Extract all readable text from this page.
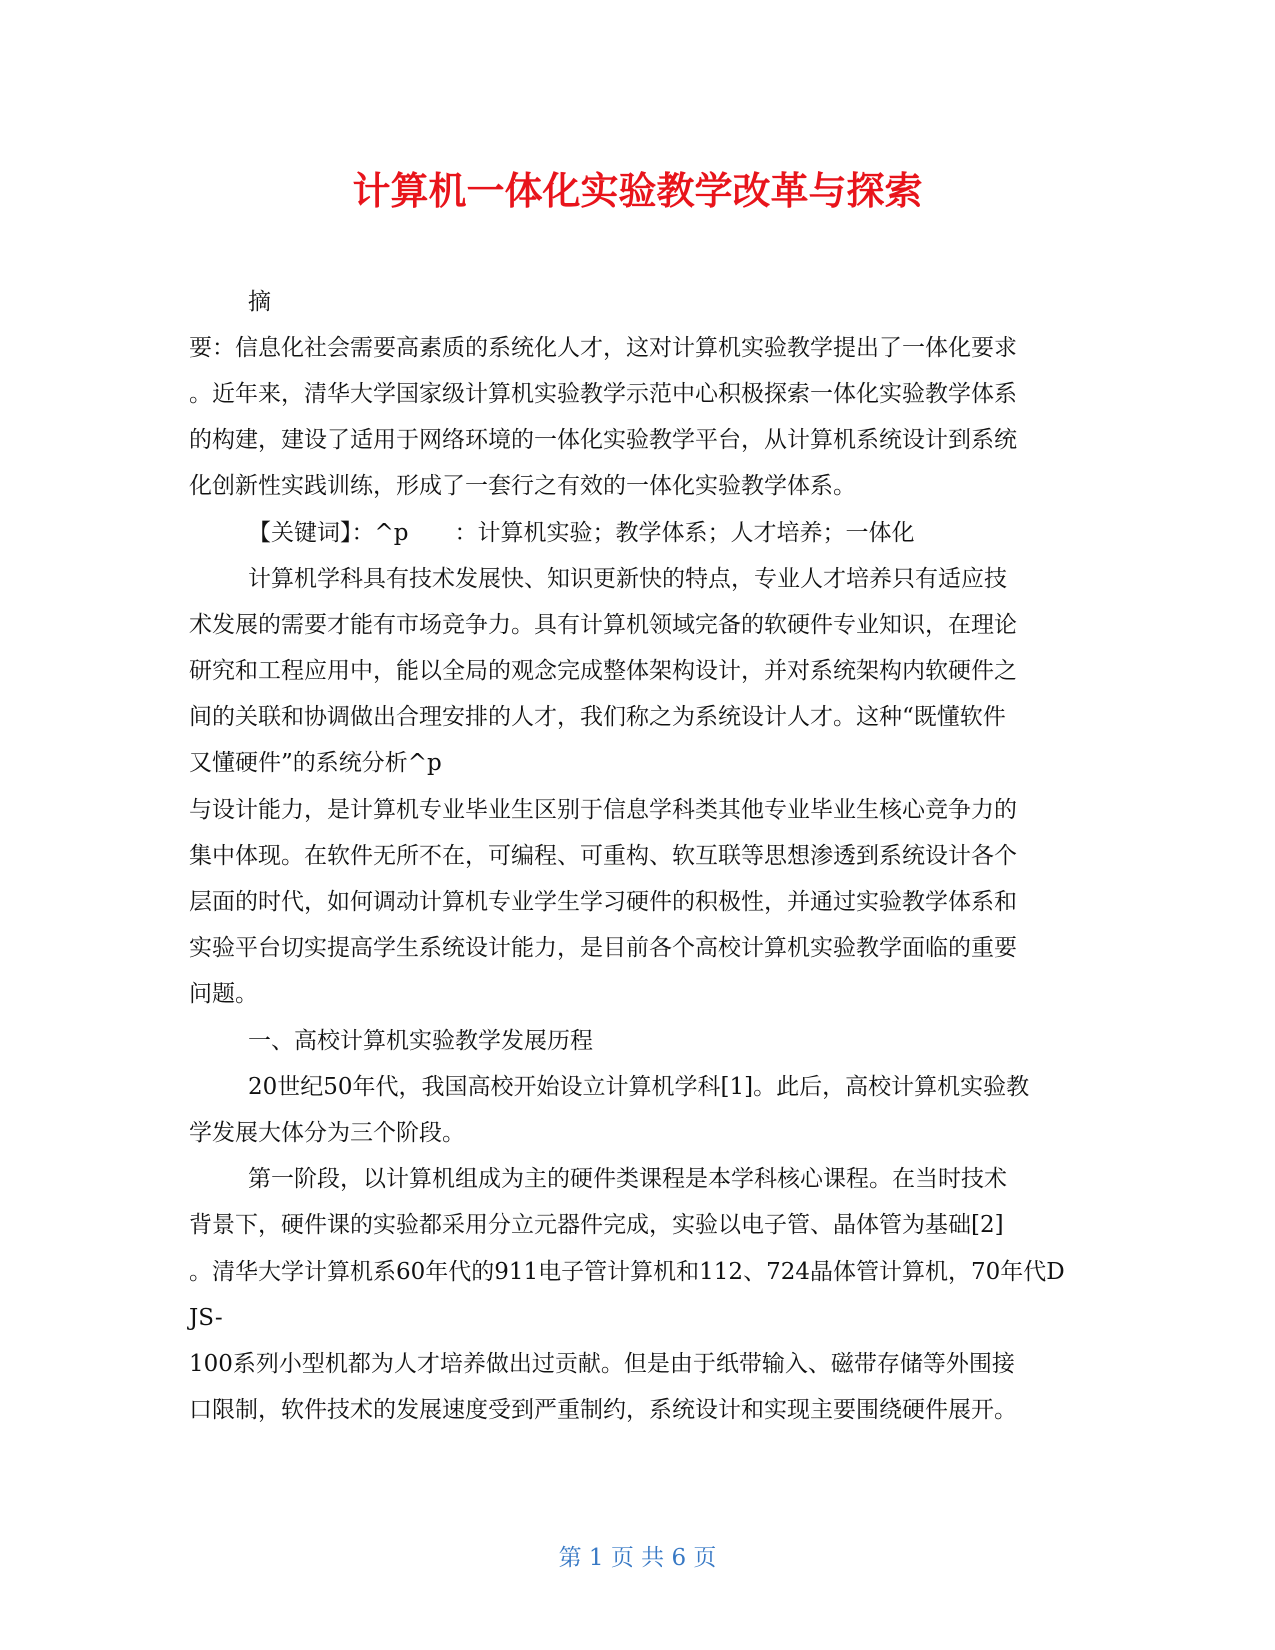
计算机一体化实验教学改革与探索

摘

要：信息化社会需要高素质的系统化人才，这对计算机实验教学提出了一体化要求

。近年来，清华大学国家级计算机实验教学示范中心积极探索一体化实验教学体系

的构建，建设了适用于网络环境的一体化实验教学平台，从计算机系统设计到系统

化创新性实践训练，形成了一套行之有效的一体化实验教学体系。

【关键词】：^p　　：计算机实验；教学体系；人才培养；一体化

计算机学科具有技术发展快、知识更新快的特点，专业人才培养只有适应技

术发展的需要才能有市场竞争力。具有计算机领域完备的软硬件专业知识，在理论

研究和工程应用中，能以全局的观念完成整体架构设计，并对系统架构内软硬件之

间的关联和协调做出合理安排的人才，我们称之为系统设计人才。这种“既懂软件

又懂硬件”的系统分析^p

与设计能力，是计算机专业毕业生区别于信息学科类其他专业毕业生核心竞争力的

集中体现。在软件无所不在，可编程、可重构、软互联等思想渗透到系统设计各个

层面的时代，如何调动计算机专业学生学习硬件的积极性，并通过实验教学体系和

实验平台切实提高学生系统设计能力，是目前各个高校计算机实验教学面临的重要

问题。

一、高校计算机实验教学发展历程

20世纪50年代，我国高校开始设立计算机学科[1]。此后，高校计算机实验教

学发展大体分为三个阶段。

第一阶段，以计算机组成为主的硬件类课程是本学科核心课程。在当时技术

背景下，硬件课的实验都采用分立元器件完成，实验以电子管、晶体管为基础[2]

。清华大学计算机系60年代的911电子管计算机和112、724晶体管计算机，70年代D

JS-

100系列小型机都为人才培养做出过贡献。但是由于纸带输入、磁带存储等外围接

口限制，软件技术的发展速度受到严重制约，系统设计和实现主要围绕硬件展开。

第 1 页 共 6 页
